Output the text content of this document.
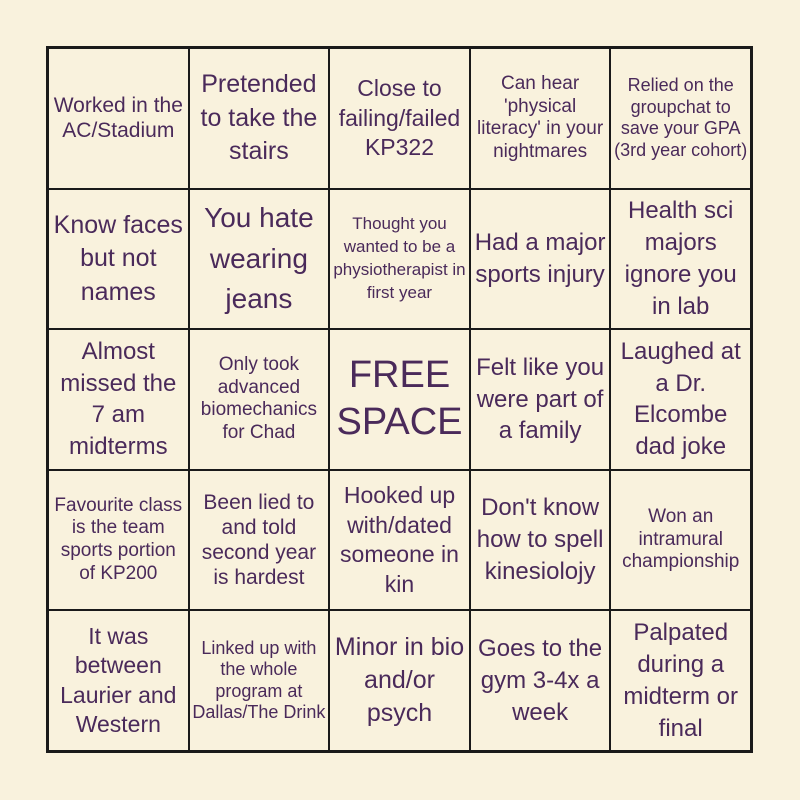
Worked in the AC/Stadium
Pretended to take the stairs
Close to failing/failed KP322
Can hear 'physical literacy' in your nightmares
Relied on the groupchat to save your GPA (3rd year cohort)
Know faces but not names
You hate wearing jeans
Thought you wanted to be a physiotherapist in first year
Had a major sports injury
Health sci majors ignore you in lab
Almost missed the 7 am midterms
Only took advanced biomechanics for Chad
FREE SPACE
Felt like you were part of a family
Laughed at a Dr. Elcombe dad joke
Favourite class is the team sports portion of KP200
Been lied to and told second year is hardest
Hooked up with/dated someone in kin
Don't know how to spell kinesiolojy
Won an intramural championship
It was between Laurier and Western
Linked up with the whole program at Dallas/The Drink
Minor in bio and/or psych
Goes to the gym 3-4x a week
Palpated during a midterm or final
